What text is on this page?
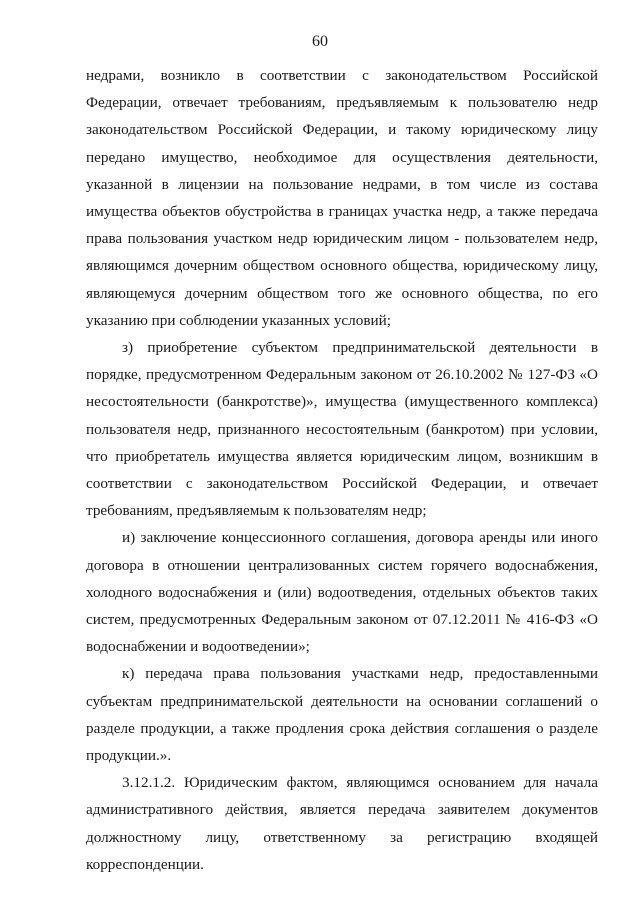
60

недрами, возникло в соответствии с законодательством Российской Федерации, отвечает требованиям, предъявляемым к пользователю недр законодательством Российской Федерации, и такому юридическому лицу передано имущество, необходимое для осуществления деятельности, указанной в лицензии на пользование недрами, в том числе из состава имущества объектов обустройства в границах участка недр, а также передача права пользования участком недр юридическим лицом - пользователем недр, являющимся дочерним обществом основного общества, юридическому лицу, являющемуся дочерним обществом того же основного общества, по его указанию при соблюдении указанных условий;

з) приобретение субъектом предпринимательской деятельности в порядке, предусмотренном Федеральным законом от 26.10.2002 № 127-ФЗ «О несостоятельности (банкротстве)», имущества (имущественного комплекса) пользователя недр, признанного несостоятельным (банкротом) при условии, что приобретатель имущества является юридическим лицом, возникшим в соответствии с законодательством Российской Федерации, и отвечает требованиям, предъявляемым к пользователям недр;

и) заключение концессионного соглашения, договора аренды или иного договора в отношении централизованных систем горячего водоснабжения, холодного водоснабжения и (или) водоотведения, отдельных объектов таких систем, предусмотренных Федеральным законом от 07.12.2011 № 416-ФЗ «О водоснабжении и водоотведении»;

к) передача права пользования участками недр, предоставленными субъектам предпринимательской деятельности на основании соглашений о разделе продукции, а также продления срока действия соглашения о разделе продукции.».

3.12.1.2. Юридическим фактом, являющимся основанием для начала административного действия, является передача заявителем документов должностному лицу, ответственному за регистрацию входящей корреспонденции.
